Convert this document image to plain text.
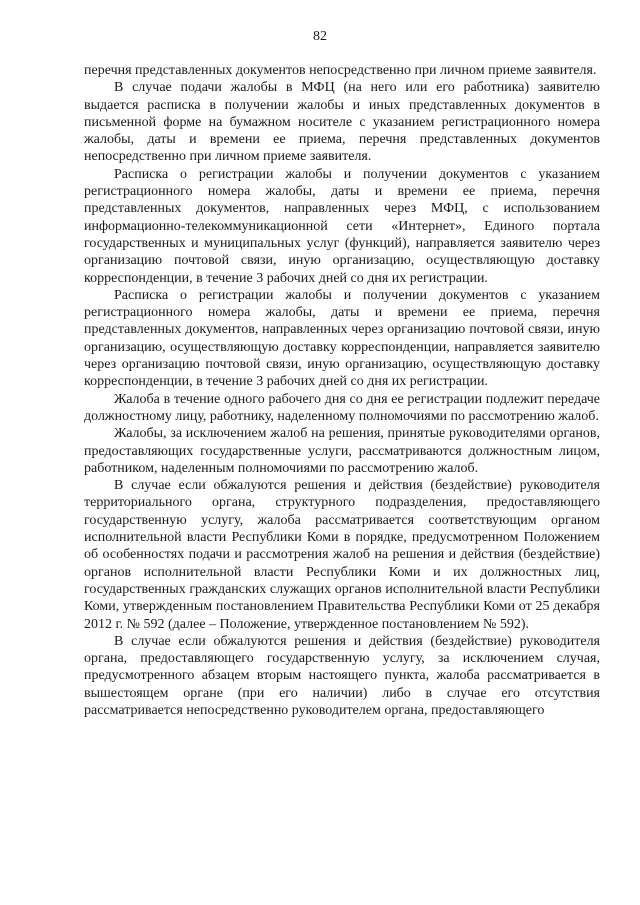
82

перечня представленных документов непосредственно при личном приеме заявителя.

В случае подачи жалобы в МФЦ (на него или его работника) заявителю выдается расписка в получении жалобы и иных представленных документов в письменной форме на бумажном носителе с указанием регистрационного номера жалобы, даты и времени ее приема, перечня представленных документов непосредственно при личном приеме заявителя.

Расписка о регистрации жалобы и получении документов с указанием регистрационного номера жалобы, даты и времени ее приема, перечня представленных документов, направленных через МФЦ, с использованием информационно-телекоммуникационной сети «Интернет», Единого портала государственных и муниципальных услуг (функций), направляется заявителю через организацию почтовой связи, иную организацию, осуществляющую доставку корреспонденции, в течение 3 рабочих дней со дня их регистрации.

Расписка о регистрации жалобы и получении документов с указанием регистрационного номера жалобы, даты и времени ее приема, перечня представленных документов, направленных через организацию почтовой связи, иную организацию, осуществляющую доставку корреспонденции, направляется заявителю через организацию почтовой связи, иную организацию, осуществляющую доставку корреспонденции, в течение 3 рабочих дней со дня их регистрации.

Жалоба в течение одного рабочего дня со дня ее регистрации подлежит передаче должностному лицу, работнику, наделенному полномочиями по рассмотрению жалоб.

Жалобы, за исключением жалоб на решения, принятые руководителями органов, предоставляющих государственные услуги, рассматриваются должностным лицом, работником, наделенным полномочиями по рассмотрению жалоб.

В случае если обжалуются решения и действия (бездействие) руководителя территориального органа, структурного подразделения, предоставляющего государственную услугу, жалоба рассматривается соответствующим органом исполнительной власти Республики Коми в порядке, предусмотренном Положением об особенностях подачи и рассмотрения жалоб на решения и действия (бездействие) органов исполнительной власти Республики Коми и их должностных лиц, государственных гражданских служащих органов исполнительной власти Республики Коми, утвержденным постановлением Правительства Республики Коми от 25 декабря 2012 г. № 592 (далее – Положение, утвержденное постановлением № 592).

В случае если обжалуются решения и действия (бездействие) руководителя органа, предоставляющего государственную услугу, за исключением случая, предусмотренного абзацем вторым настоящего пункта, жалоба рассматривается в вышестоящем органе (при его наличии) либо в случае его отсутствия рассматривается непосредственно руководителем органа, предоставляющего
